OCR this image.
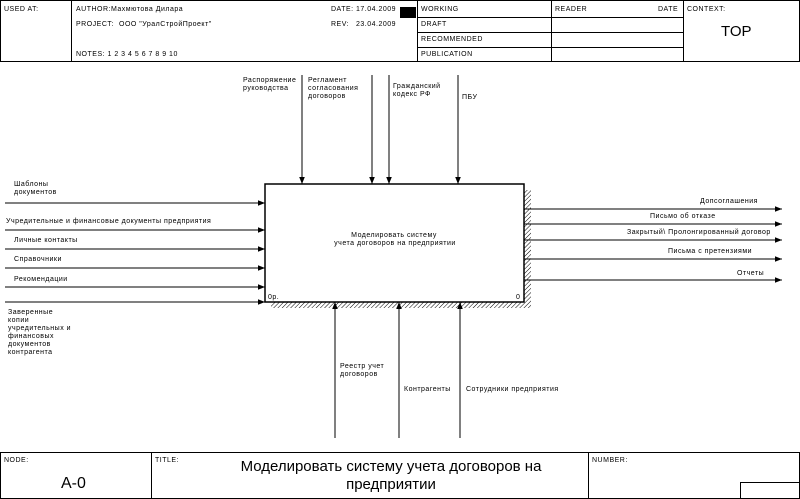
USED AT:	AUTHOR: Махмютова Дилара
PROJECT: ООО "УралСтройПроект"
NOTES: 1 2 3 4 5 6 7 8 9 10
DATE: 17.04.2009
REV: 23.04.2009
WORKING
DRAFT
RECOMMENDED
PUBLICATION
READER	DATE CONTEXT:
TOP
Моделировать систему
учета договоров на предприятии
0р.	0
Распоряжение
руководства
Регламент
согласования
договоров
Гражданский
кодекс РФ	ПБУ
Шаблоны
документов
Учредительные и финансовые документы предприятия
Личные контакты
Справочники
Рекомендации
Заверенные
копии
учредительных и
финансовых
документов
контрагента
Допсоглашения
Письмо об отказе
Закрытый\ Пролонгированный договор
Письма с претензиями
Отчеты
Реестр учет
договоров
Контрагенты Сотрудники предприятия
NODE:
A-0
TITLE:	Моделировать систему учета договоров на предприятии
NUMBER:
